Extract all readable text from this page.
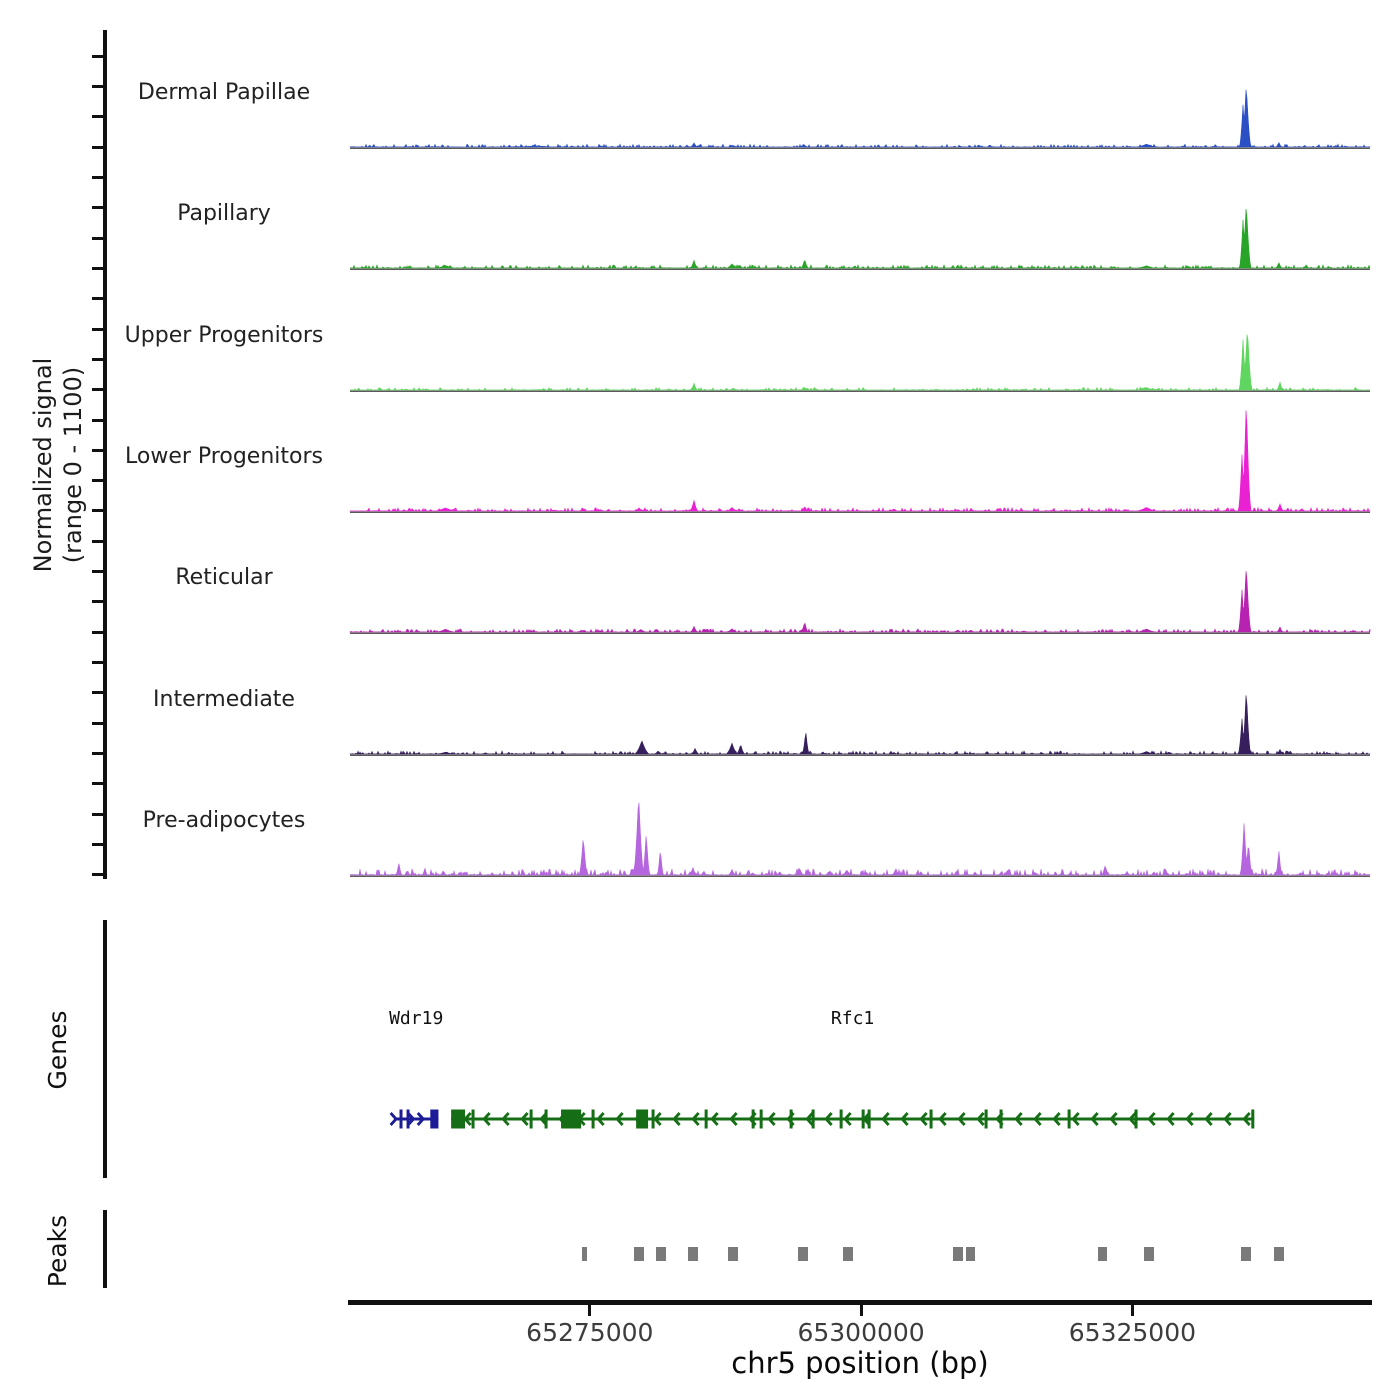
Normalized signal (range 0 - 1100)
Dermal Papillae
Papillary
Upper Progenitors
Lower Progenitors
Reticular
Intermediate
Pre-adipocytes
Genes	Wdr19	Rfc1
Peaks
65275000	65300000	65325000
chr5 position (bp)
